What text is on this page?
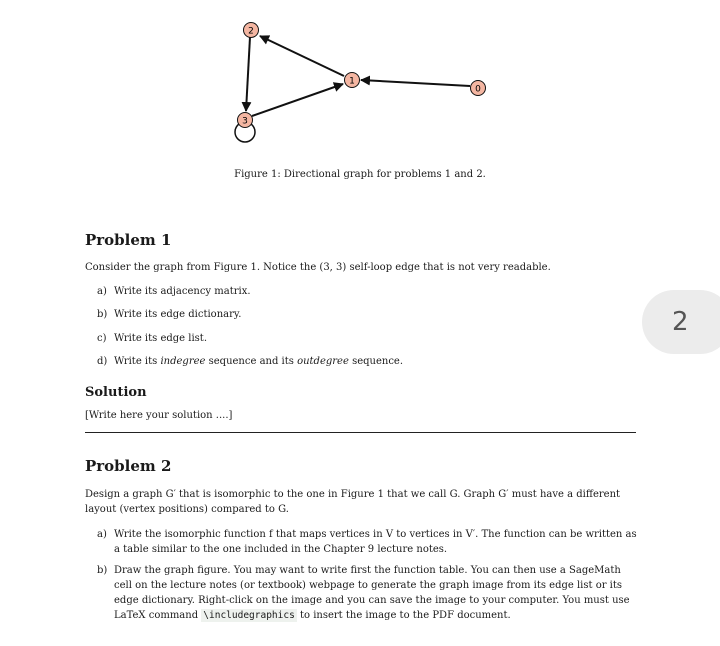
2
1
0
3
Figure 1: Directional graph for problems 1 and 2.
Problem 1

Consider the graph from Figure 1. Notice the (3, 3) self-loop edge that is not very readable.

a) Write its adjacency matrix.
b) Write its edge dictionary.
c) Write its edge list.
d) Write its indegree sequence and its outdegree sequence.
Solution

[Write here your solution ....]

Problem 2

Design a graph G′ that is isomorphic to the one in Figure 1 that we call G. Graph G′ must have a different layout (vertex positions) compared to G.

a) Write the isomorphic function f that maps vertices in V to vertices in V′. The function can be written as a table similar to the one included in the Chapter 9 lecture notes.
b) Draw the graph figure. You may want to write first the function table. You can then use a SageMath cell on the lecture notes (or textbook) webpage to generate the graph image from its edge list or its edge dictionary. Right-click on the image and you can save the image to your computer. You must use LaTeX command \includegraphics to insert the image to the PDF document.
2
